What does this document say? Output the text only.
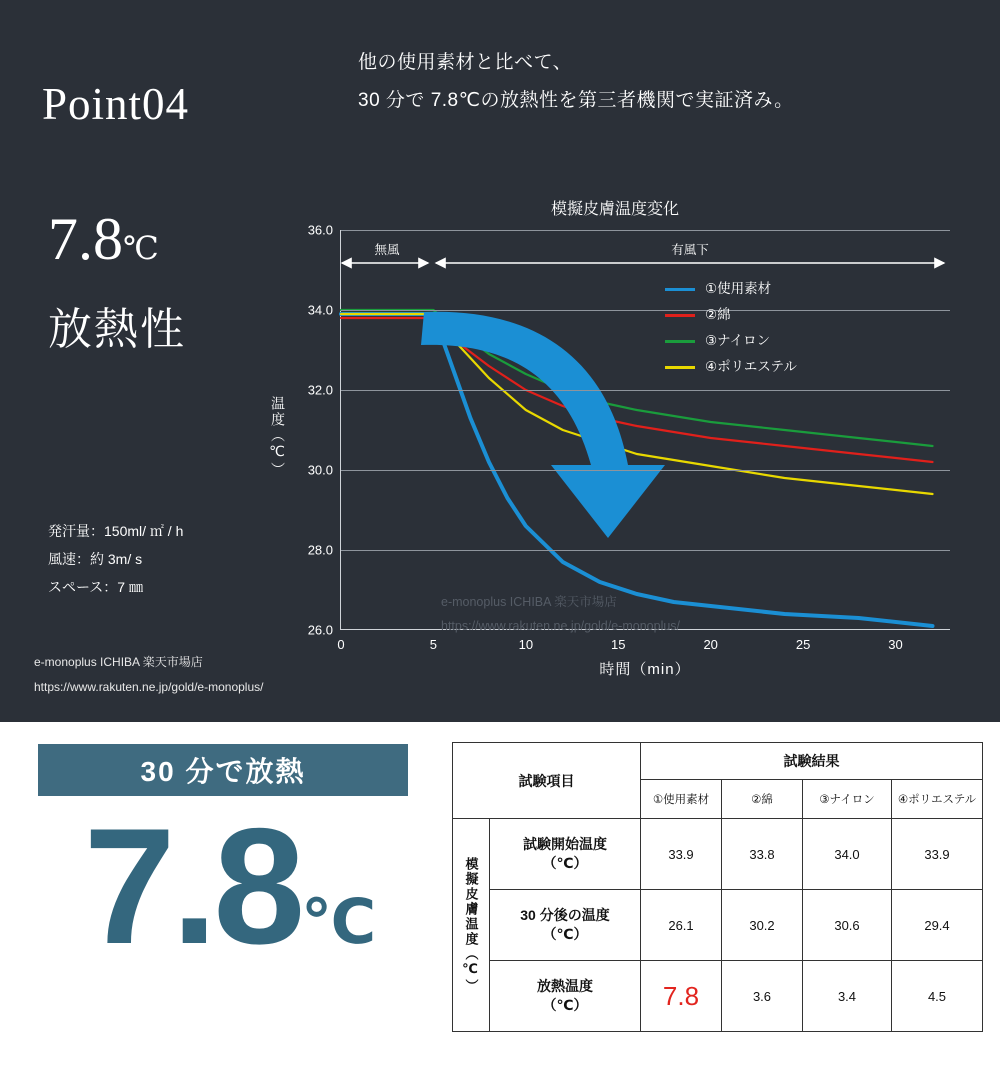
Point04
他の使用素材と比べて、
30 分で 7.8℃の放熱性を第三者機関で実証済み。
7.8℃
放熱性
発汗量：150ml/ ㎡ / h
風速：約 3m/ s
スペース：7 ㎜
e-monoplus ICHIBA 楽天市場店
https://www.rakuten.ne.jp/gold/e-monoplus/
模擬皮膚温度変化
温度（℃）
e-monoplus ICHIBA 楽天市場店
https://www.rakuten.ne.jp/gold/e-monoplus/
36.0
34.0
32.0
30.0
28.0
26.0
0	5	10	15	20	25	30
無風	有風下
①使用素材
②綿
③ナイロン
④ポリエステル
時間（min）
30 分で放熱
7.8℃
試験項目		試験結果			
		①使用素材	②綿	③ナイロン	④ポリエステル
模擬皮膚温度（℃）	試験開始温度
（℃）	33.9	33.8	34.0	33.9

	30 分後の温度
（℃）	26.1	30.2	30.6	29.4

	放熱温度
（℃）	7.8	3.6	3.4	4.5
